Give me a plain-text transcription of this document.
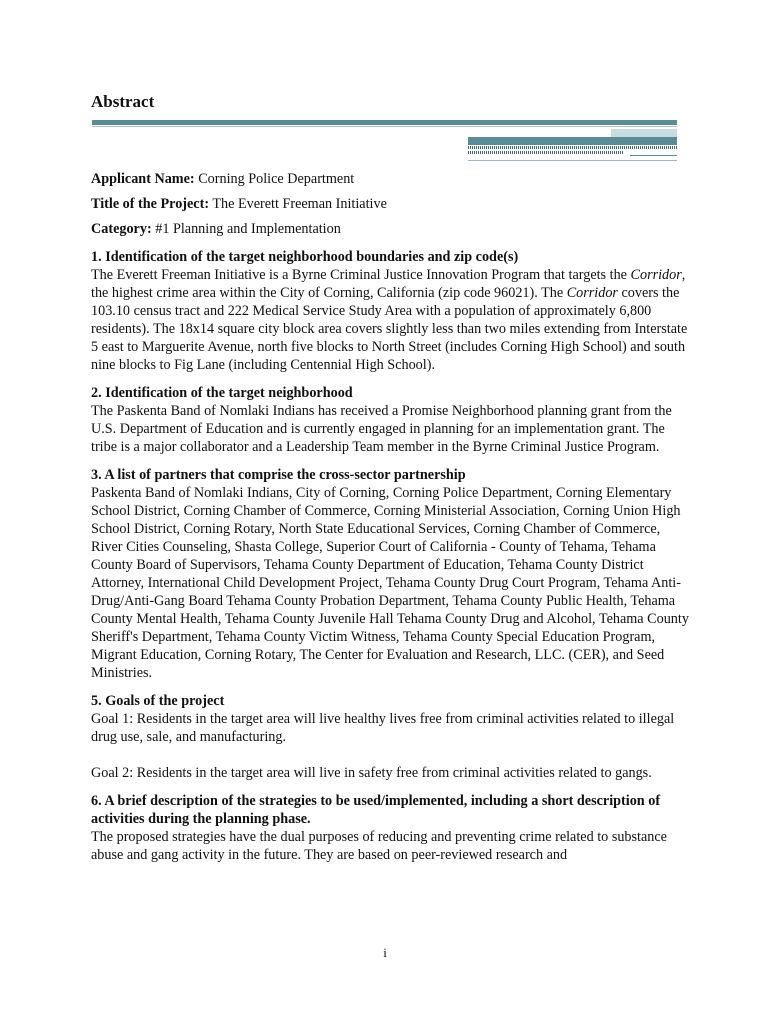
Abstract

Applicant Name: Corning Police Department

Title of the Project: The Everett Freeman Initiative

Category: #1 Planning and Implementation

1. Identification of the target neighborhood boundaries and zip code(s)

The Everett Freeman Initiative is a Byrne Criminal Justice Innovation Program that targets the Corridor, the highest crime area within the City of Corning, California (zip code 96021). The Corridor covers the 103.10 census tract and 222 Medical Service Study Area with a population of approximately 6,800 residents). The 18x14 square city block area covers slightly less than two miles extending from Interstate 5 east to Marguerite Avenue, north five blocks to North Street (includes Corning High School) and south nine blocks to Fig Lane (including Centennial High School).

2. Identification of the target neighborhood

The Paskenta Band of Nomlaki Indians has received a Promise Neighborhood planning grant from the U.S. Department of Education and is currently engaged in planning for an implementation grant. The tribe is a major collaborator and a Leadership Team member in the Byrne Criminal Justice Program.

3. A list of partners that comprise the cross-sector partnership

Paskenta Band of Nomlaki Indians, City of Corning, Corning Police Department, Corning Elementary School District, Corning Chamber of Commerce, Corning Ministerial Association, Corning Union High School District, Corning Rotary, North State Educational Services, Corning Chamber of Commerce, River Cities Counseling, Shasta College, Superior Court of California - County of Tehama, Tehama County Board of Supervisors, Tehama County Department of Education, Tehama County District Attorney, International Child Development Project, Tehama County Drug Court Program, Tehama Anti-Drug/Anti-Gang Board Tehama County Probation Department, Tehama County Public Health, Tehama County Mental Health, Tehama County Juvenile Hall Tehama County Drug and Alcohol, Tehama County Sheriff's Department, Tehama County Victim Witness, Tehama County Special Education Program, Migrant Education, Corning Rotary, The Center for Evaluation and Research, LLC. (CER), and Seed Ministries.

5. Goals of the project

Goal 1: Residents in the target area will live healthy lives free from criminal activities related to illegal drug use, sale, and manufacturing.

Goal 2: Residents in the target area will live in safety free from criminal activities related to gangs.

6. A brief description of the strategies to be used/implemented, including a short description of activities during the planning phase.

The proposed strategies have the dual purposes of reducing and preventing crime related to substance abuse and gang activity in the future. They are based on peer-reviewed research and

i
